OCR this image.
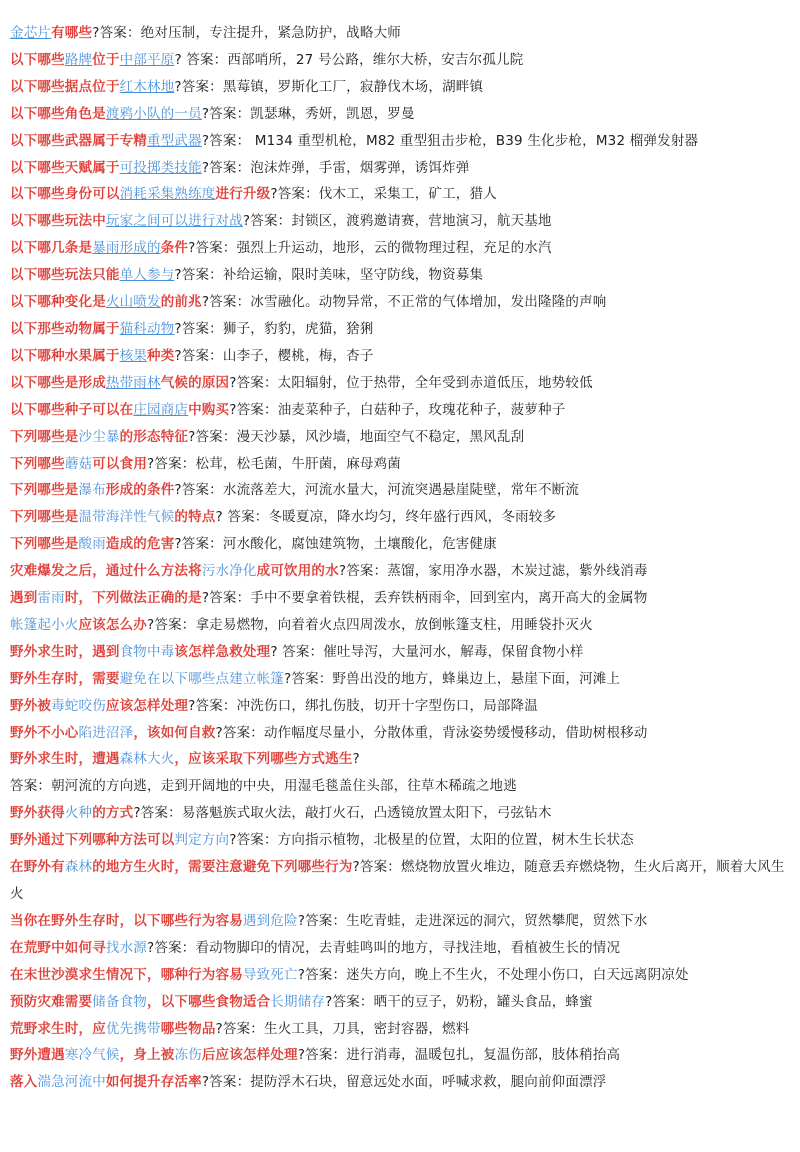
金芯片有哪些?答案：绝对压制，专注提升，紧急防护，战略大师
以下哪些路牌位于中部平原? 答案：西部哨所，27 号公路，维尔大桥，安吉尔孤儿院
以下哪些据点位于红木林地?答案：黑莓镇，罗斯化工厂，寂静伐木场，湖畔镇
以下哪些角色是渡鸦小队的一员?答案：凯瑟琳，秀妍，凯恩，罗曼
以下哪些武器属于专精重型武器?答案： M134 重型机枪，M82 重型狙击步枪，B39 生化步枪，M32 榴弹发射器
以下哪些天赋属于可投掷类技能?答案：泡沫炸弹，手雷，烟雾弹，诱饵炸弹
以下哪些身份可以消耗采集熟练度进行升级?答案：伐木工，采集工，矿工，猎人
以下哪些玩法中玩家之间可以进行对战?答案：封锁区，渡鸦邀请赛，营地演习，航天基地
以下哪几条是暴雨形成的条件?答案：强烈上升运动，地形，云的微物理过程，充足的水汽
以下哪些玩法只能单人参与?答案：补给运输，限时美味，坚守防线，物资募集
以下哪种变化是火山喷发的前兆?答案：冰雪融化。动物异常，不正常的气体增加，发出隆隆的声响
以下那些动物属于猫科动物?答案：狮子，豹豹，虎猫，猞猁
以下哪种水果属于核果种类?答案：山李子，樱桃，梅，杏子
以下哪些是形成热带雨林气候的原因?答案：太阳辐射，位于热带，全年受到赤道低压，地势较低
以下哪些种子可以在庄园商店中购买?答案：油麦菜种子，白菇种子，玫瑰花种子，菠萝种子
下列哪些是沙尘暴的形态特征?答案：漫天沙暴，风沙墙，地面空气不稳定，黑风乱刮
下列哪些蘑菇可以食用?答案：松茸，松毛菌，牛肝菌，麻母鸡菌
下列哪些是瀑布形成的条件?答案：水流落差大，河流水量大，河流突遇悬崖陡壁，常年不断流
下列哪些是温带海洋性气候的特点? 答案：冬暖夏凉，降水均匀，终年盛行西风，冬雨较多
下列哪些是酸雨造成的危害?答案：河水酸化，腐蚀建筑物，土壤酸化，危害健康
灾难爆发之后，通过什么方法将污水净化成可饮用的水?答案：蒸馏，家用净水器，木炭过滤，紫外线消毒
遇到雷雨时，下列做法正确的是?答案：手中不要拿着铁棍，丢弃铁柄雨伞，回到室内，离开高大的金属物
帐篷起小火应该怎么办?答案：拿走易燃物，向着着火点四周泼水，放倒帐篷支柱，用睡袋扑灭火
野外求生时，遇到食物中毒该怎样急救处理? 答案：催吐导泻，大量河水，解毒，保留食物小样
野外生存时，需要避免在以下哪些点建立帐篷?答案：野兽出没的地方，蜂巢边上，悬崖下面，河滩上
野外被毒蛇咬伤应该怎样处理?答案：冲洗伤口，绑扎伤肢，切开十字型伤口，局部降温
野外不小心陷进沼泽，该如何自救?答案：动作幅度尽量小，分散体重，背泳姿势缓慢移动，借助树根移动
野外求生时，遭遇森林大火，应该采取下列哪些方式逃生?
答案：朝河流的方向逃，走到开阔地的中央，用湿毛毯盖住头部，往草木稀疏之地逃
野外获得火种的方式?答案：易落魁族式取火法，敲打火石，凸透镜放置太阳下，弓弦钻木
野外通过下列哪种方法可以判定方向?答案：方向指示植物，北极星的位置，太阳的位置，树木生长状态
在野外有森林的地方生火时，需要注意避免下列哪些行为?答案：燃烧物放置火堆边，随意丢弃燃烧物，生火后离开，顺着大风生火
当你在野外生存时，以下哪些行为容易遇到危险?答案：生吃青蛙，走进深远的洞穴，贸然攀爬，贸然下水
在荒野中如何寻找水源?答案：看动物脚印的情况，去青蛙鸣叫的地方，寻找洼地，看植被生长的情况
在末世沙漠求生情况下，哪种行为容易导致死亡?答案：迷失方向，晚上不生火，不处理小伤口，白天远离阴凉处
预防灾难需要储备食物，以下哪些食物适合长期储存?答案：晒干的豆子，奶粉，罐头食品，蜂蜜
荒野求生时，应优先携带哪些物品?答案：生火工具，刀具，密封容器，燃料
野外遭遇寒冷气候，身上被冻伤后应该怎样处理?答案：进行消毒，温暖包扎，复温伤部，肢体稍抬高
落入湍急河流中如何提升存活率?答案：提防浮木石块，留意远处水面，呼喊求救，腿向前仰面漂浮
